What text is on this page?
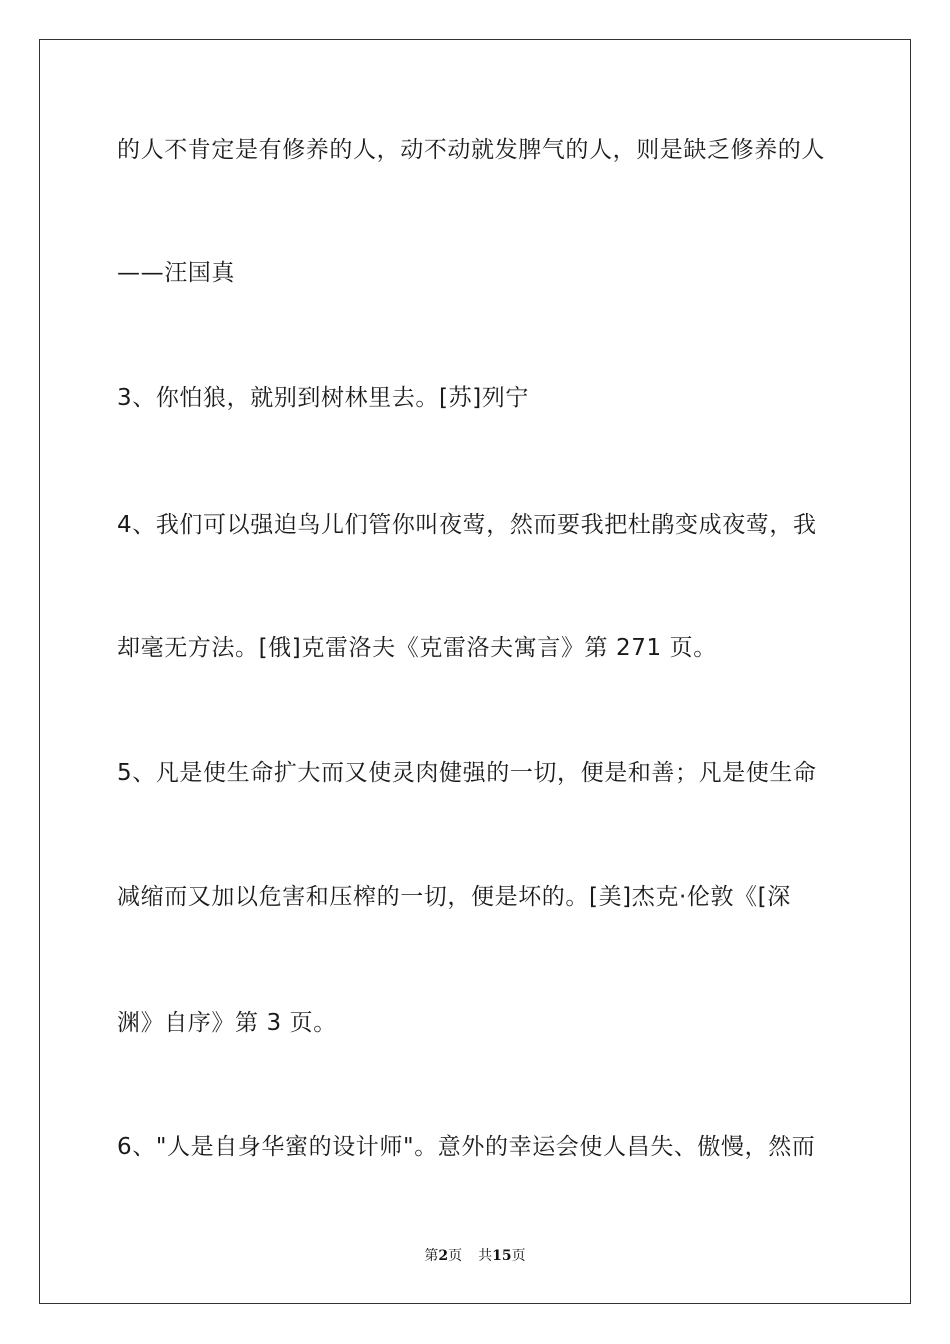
的人不肯定是有修养的人，动不动就发脾气的人，则是缺乏修养的人
——汪国真
3、你怕狼，就别到树林里去。[苏]列宁
4、我们可以强迫鸟儿们管你叫夜莺，然而要我把杜鹃变成夜莺，我
却毫无方法。[俄]克雷洛夫《克雷洛夫寓言》第 271 页。
5、凡是使生命扩大而又使灵肉健强的一切，便是和善；凡是使生命
减缩而又加以危害和压榨的一切，便是坏的。[美]杰克·伦敦《[深
渊》自序》第 3 页。
6、"人是自身华蜜的设计师"。意外的幸运会使人昌失、傲慢，然而
第2页 共15页
